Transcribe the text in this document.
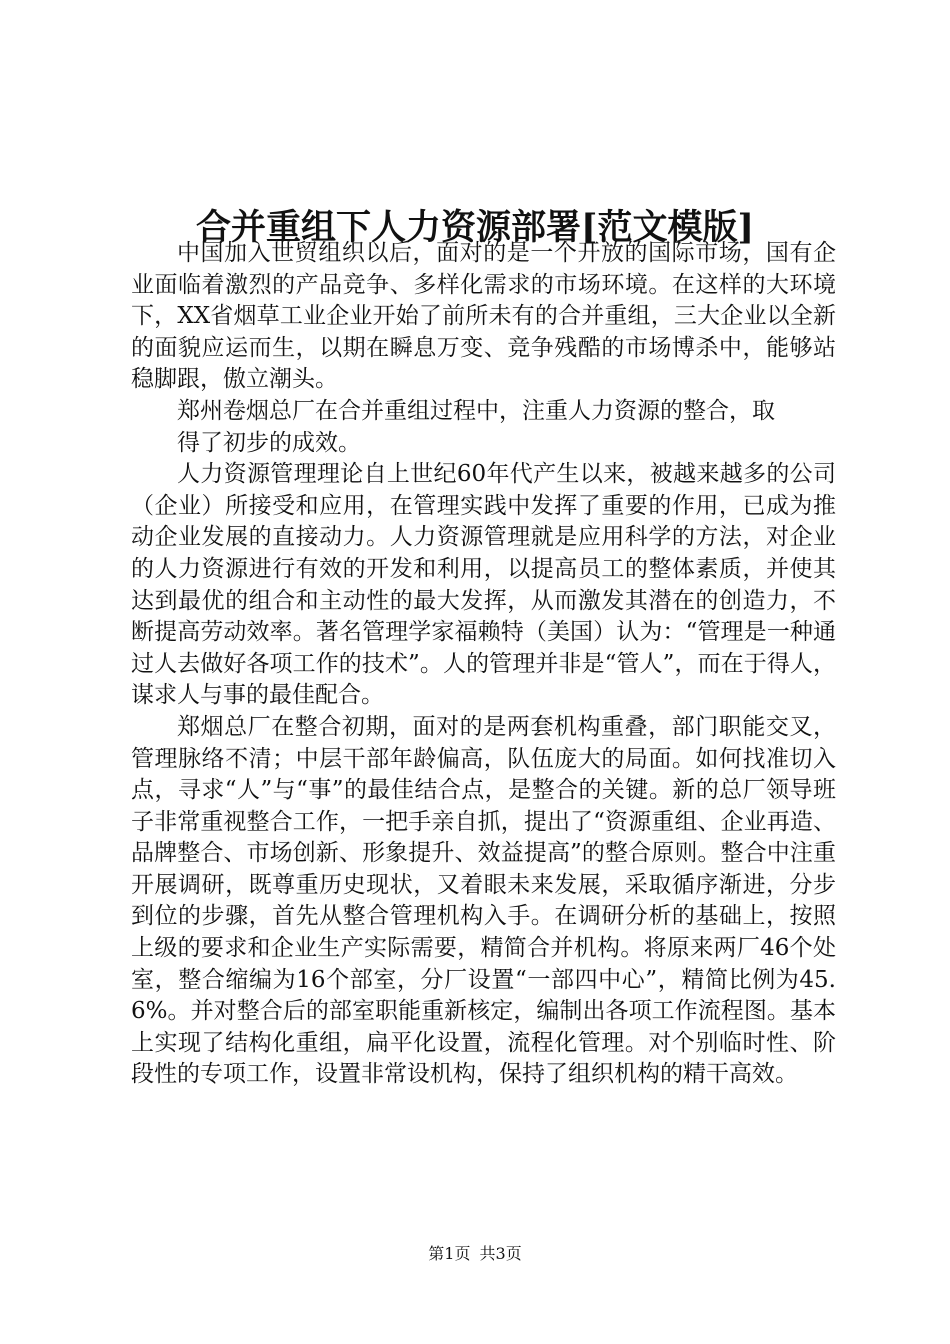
合并重组下人力资源部署[范文模版]

中国加入世贸组织以后，面对的是一个开放的国际市场，国有企业面临着激烈的产品竞争、多样化需求的市场环境。在这样的大环境下，XX省烟草工业企业开始了前所未有的合并重组，三大企业以全新的面貌应运而生，以期在瞬息万变、竞争残酷的市场博杀中，能够站稳脚跟，傲立潮头。

郑州卷烟总厂在合并重组过程中，注重人力资源的整合，取

得了初步的成效。

人力资源管理理论自上世纪60年代产生以来，被越来越多的公司（企业）所接受和应用，在管理实践中发挥了重要的作用，已成为推动企业发展的直接动力。人力资源管理就是应用科学的方法，对企业的人力资源进行有效的开发和利用，以提高员工的整体素质，并使其达到最优的组合和主动性的最大发挥，从而激发其潜在的创造力，不断提高劳动效率。著名管理学家福赖特（美国）认为：“管理是一种通过人去做好各项工作的技术”。人的管理并非是“管人”，而在于得人，谋求人与事的最佳配合。

郑烟总厂在整合初期，面对的是两套机构重叠，部门职能交叉，管理脉络不清；中层干部年龄偏高，队伍庞大的局面。如何找准切入点，寻求“人”与“事”的最佳结合点，是整合的关键。新的总厂领导班子非常重视整合工作，一把手亲自抓，提出了“资源重组、企业再造、品牌整合、市场创新、形象提升、效益提高”的整合原则。整合中注重开展调研，既尊重历史现状，又着眼未来发展，采取循序渐进，分步到位的步骤，首先从整合管理机构入手。在调研分析的基础上，按照上级的要求和企业生产实际需要，精简合并机构。将原来两厂46个处室，整合缩编为16个部室，分厂设置“一部四中心”，精简比例为45.6%。并对整合后的部室职能重新核定，编制出各项工作流程图。基本上实现了结构化重组，扁平化设置，流程化管理。对个别临时性、阶段性的专项工作，设置非常设机构，保持了组织机构的精干高效。

第1页 共3页
